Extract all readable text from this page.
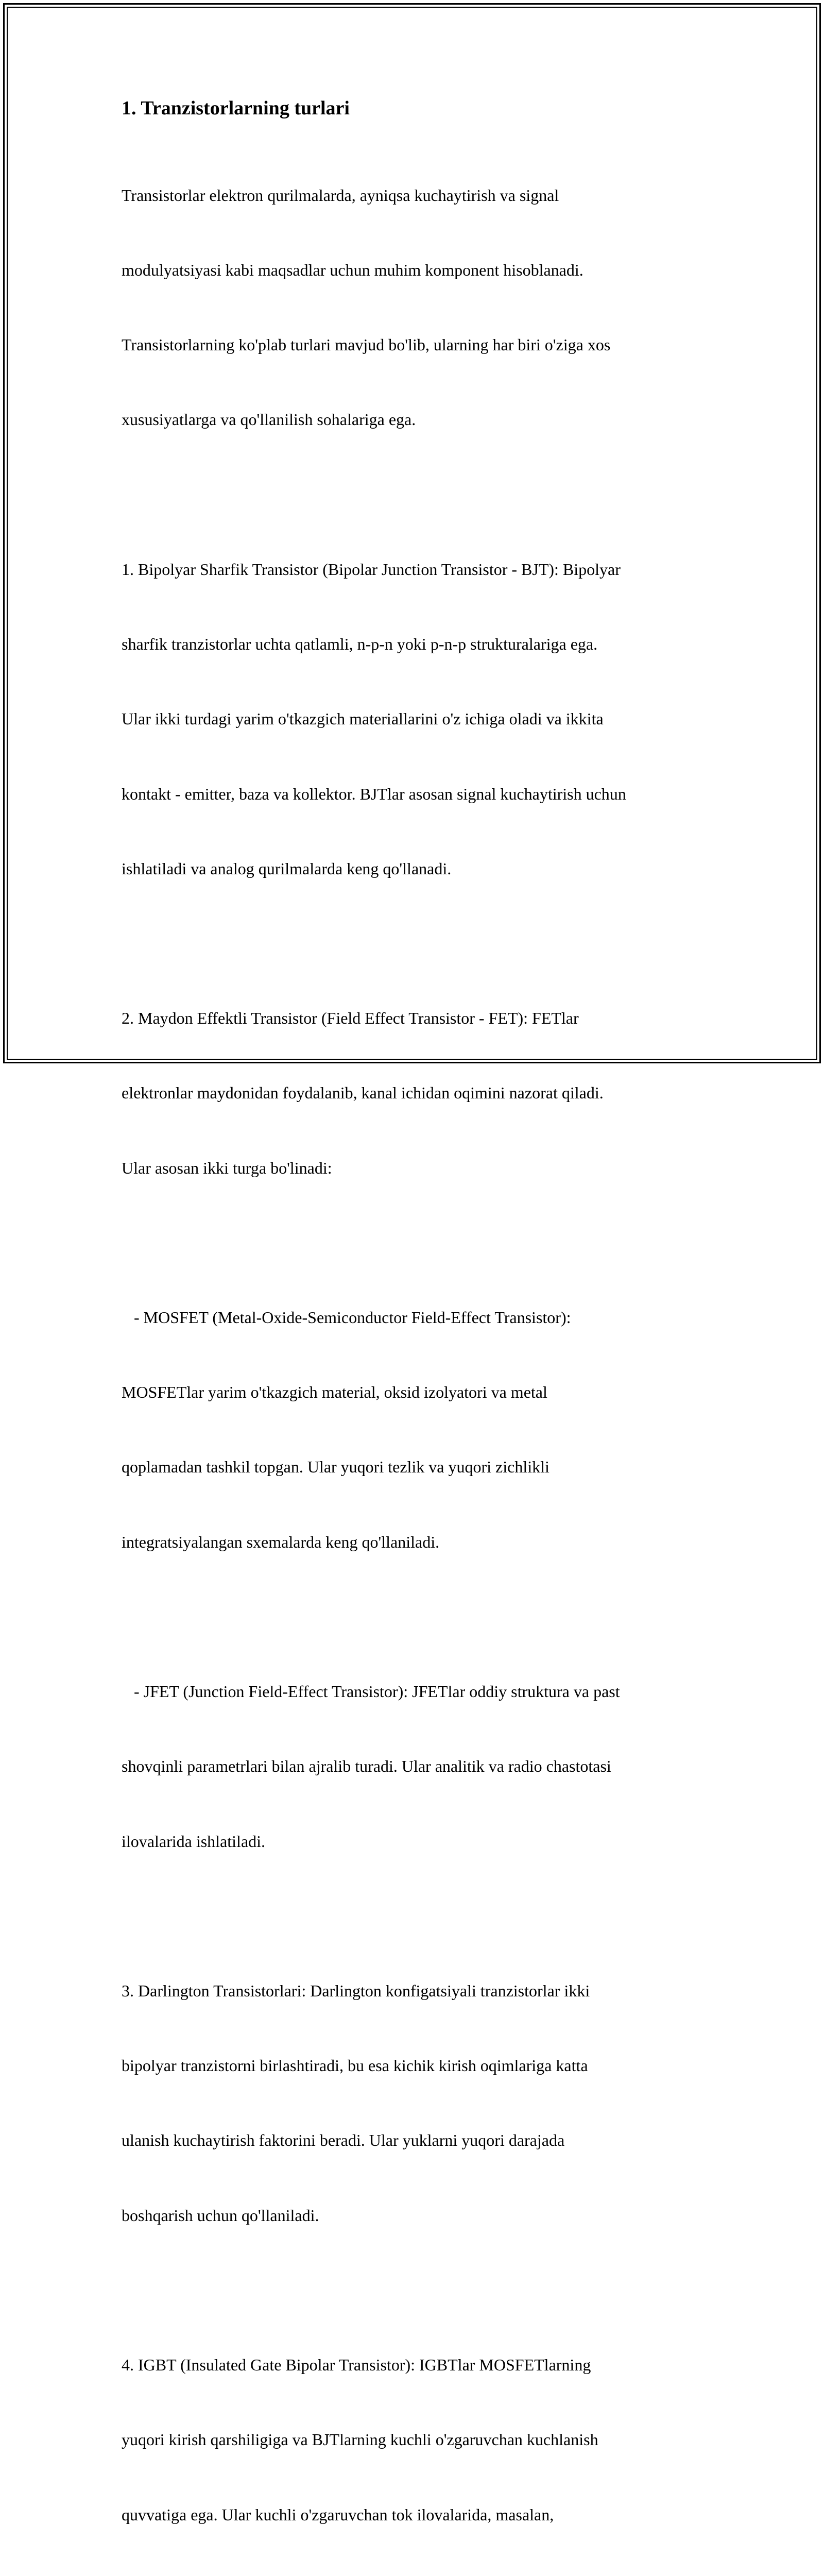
1. Tranzistorlarning turlari

Transistorlar elektron qurilmalarda, ayniqsa kuchaytirish va signal

modulyatsiyasi kabi maqsadlar uchun muhim komponent hisoblanadi.

Transistorlarning ko'plab turlari mavjud bo'lib, ularning har biri o'ziga xos

xususiyatlarga va qo'llanilish sohalariga ega.

1. Bipolyar Sharfik Transistor (Bipolar Junction Transistor - BJT): Bipolyar

sharfik tranzistorlar uchta qatlamli, n-p-n yoki p-n-p strukturalariga ega.

Ular ikki turdagi yarim o'tkazgich materiallarini o'z ichiga oladi va ikkita

kontakt - emitter, baza va kollektor. BJTlar asosan signal kuchaytirish uchun

ishlatiladi va analog qurilmalarda keng qo'llanadi.

2. Maydon Effektli Transistor (Field Effect Transistor - FET): FETlar

elektronlar maydonidan foydalanib, kanal ichidan oqimini nazorat qiladi.

Ular asosan ikki turga bo'linadi:

- MOSFET (Metal-Oxide-Semiconductor Field-Effect Transistor):

MOSFETlar yarim o'tkazgich material, oksid izolyatori va metal

qoplamadan tashkil topgan. Ular yuqori tezlik va yuqori zichlikli

integratsiyalangan sxemalarda keng qo'llaniladi.

- JFET (Junction Field-Effect Transistor): JFETlar oddiy struktura va past

shovqinli parametrlari bilan ajralib turadi. Ular analitik va radio chastotasi

ilovalarida ishlatiladi.

3. Darlington Transistorlari: Darlington konfigatsiyali tranzistorlar ikki

bipolyar tranzistorni birlashtiradi, bu esa kichik kirish oqimlariga katta

ulanish kuchaytirish faktorini beradi. Ular yuklarni yuqori darajada

boshqarish uchun qo'llaniladi.

4. IGBT (Insulated Gate Bipolar Transistor): IGBTlar MOSFETlarning

yuqori kirish qarshiligiga va BJTlarning kuchli o'zgaruvchan kuchlanish

quvvatiga ega. Ular kuchli o'zgaruvchan tok ilovalarida, masalan,
